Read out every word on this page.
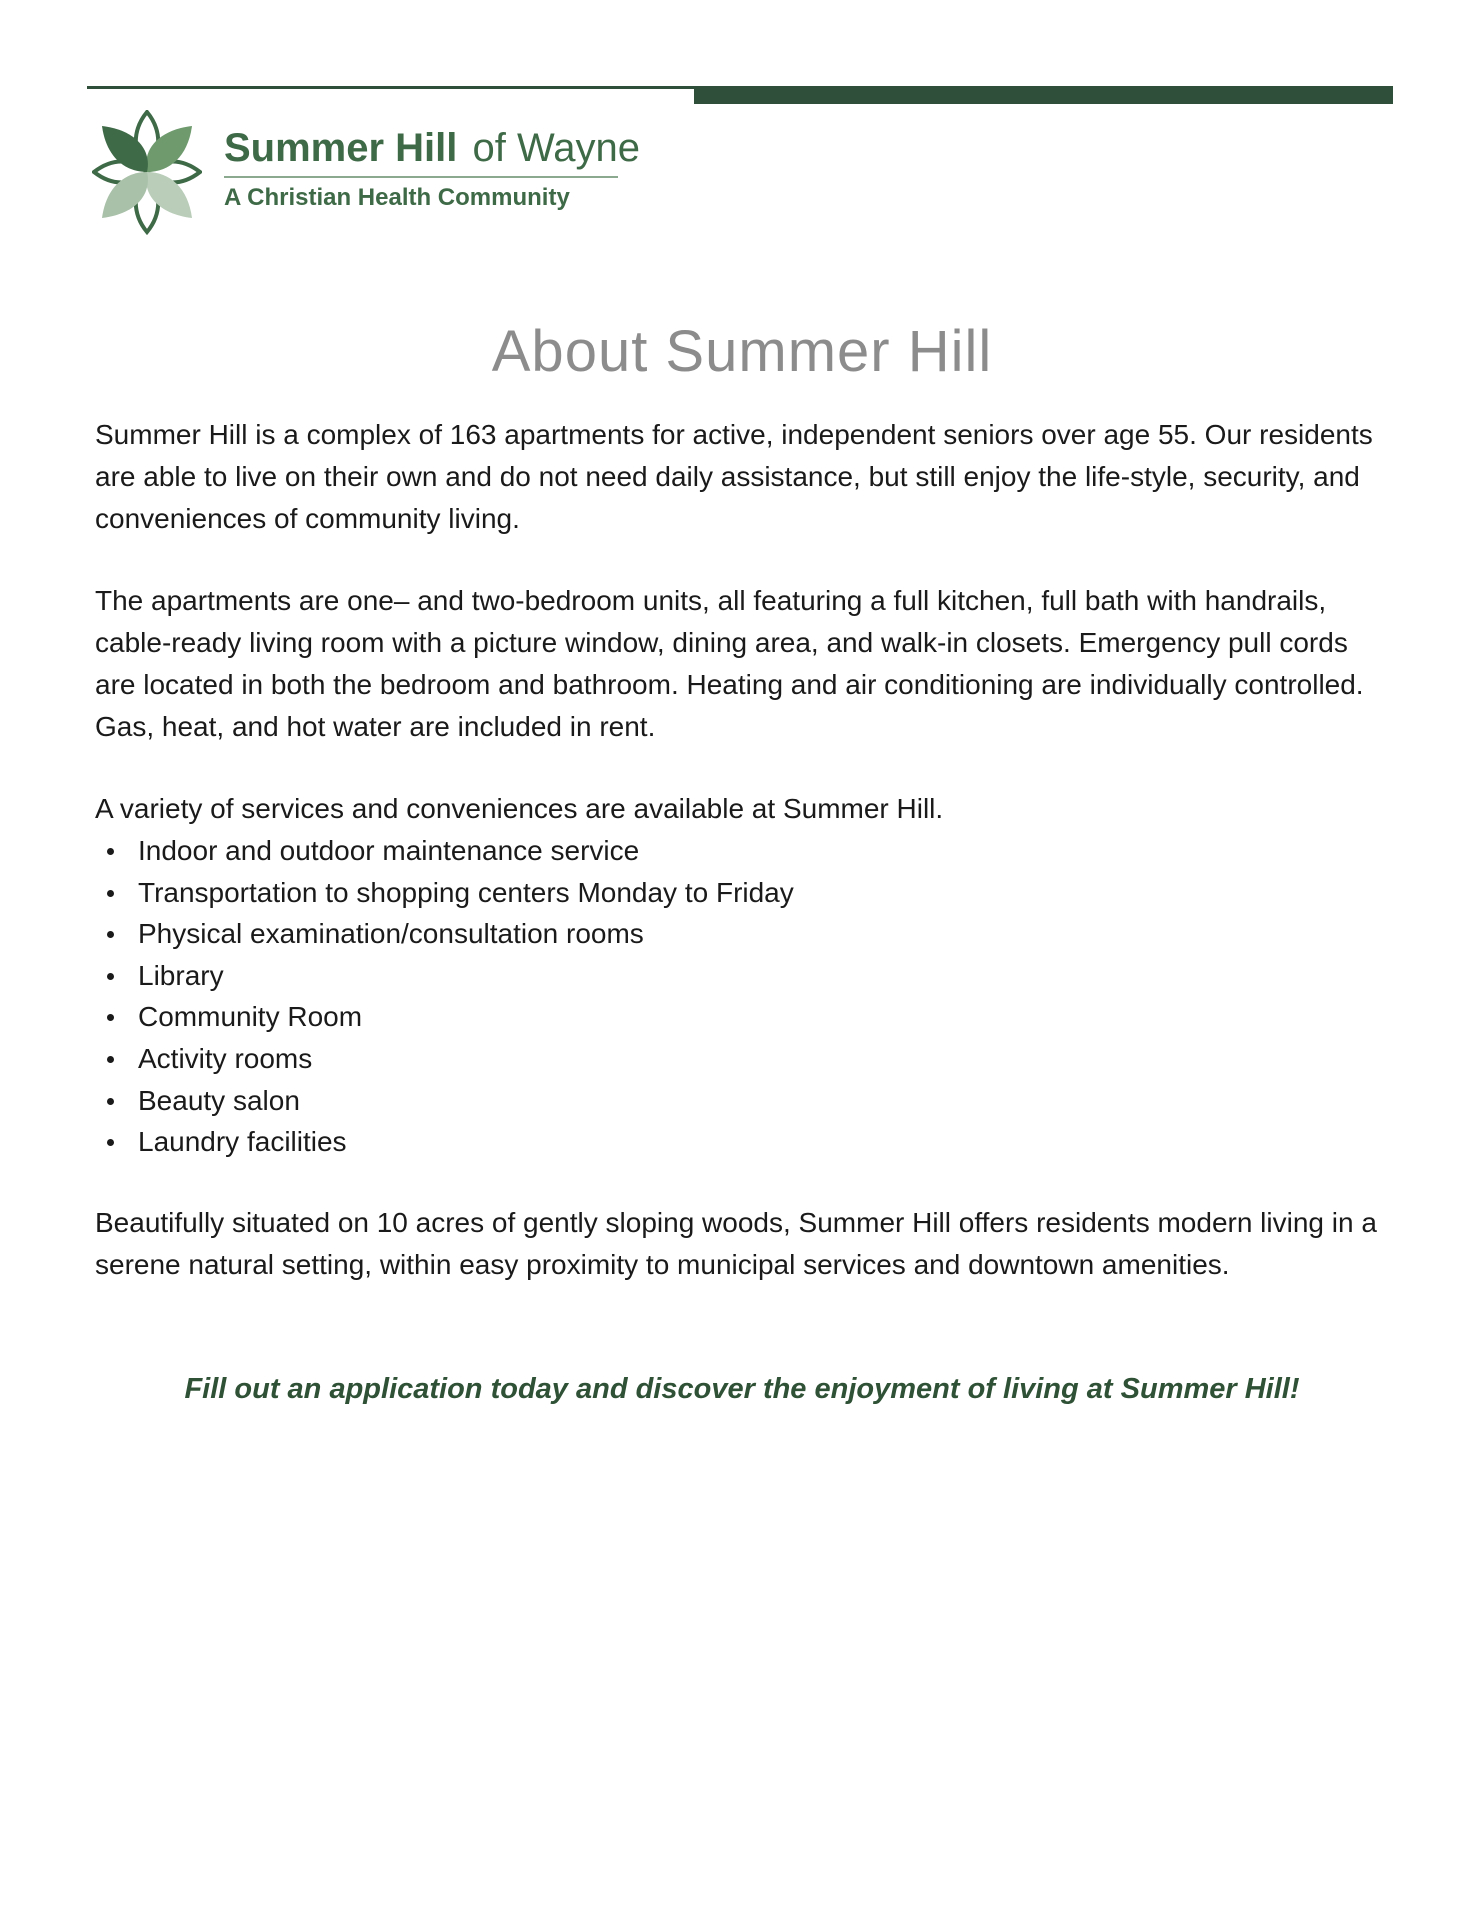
Summer Hill of Wayne
A Christian Health Community
About Summer Hill

Summer Hill is a complex of 163 apartments for active, independent seniors over age 55. Our residents are able to live on their own and do not need daily assistance, but still enjoy the life-style, security, and conveniences of community living.

The apartments are one– and two-bedroom units, all featuring a full kitchen, full bath with handrails, cable-ready living room with a picture window, dining area, and walk-in closets. Emergency pull cords are located in both the bedroom and bathroom. Heating and air conditioning are individually controlled. Gas, heat, and hot water are included in rent.

A variety of services and conveniences are available at Summer Hill.

Indoor and outdoor maintenance service
Transportation to shopping centers Monday to Friday
Physical examination/consultation rooms
Library
Community Room
Activity rooms
Beauty salon
Laundry facilities

Beautifully situated on 10 acres of gently sloping woods, Summer Hill offers residents modern living in a serene natural setting, within easy proximity to municipal services and downtown amenities.

Fill out an application today and discover the enjoyment of living at Summer Hill!
